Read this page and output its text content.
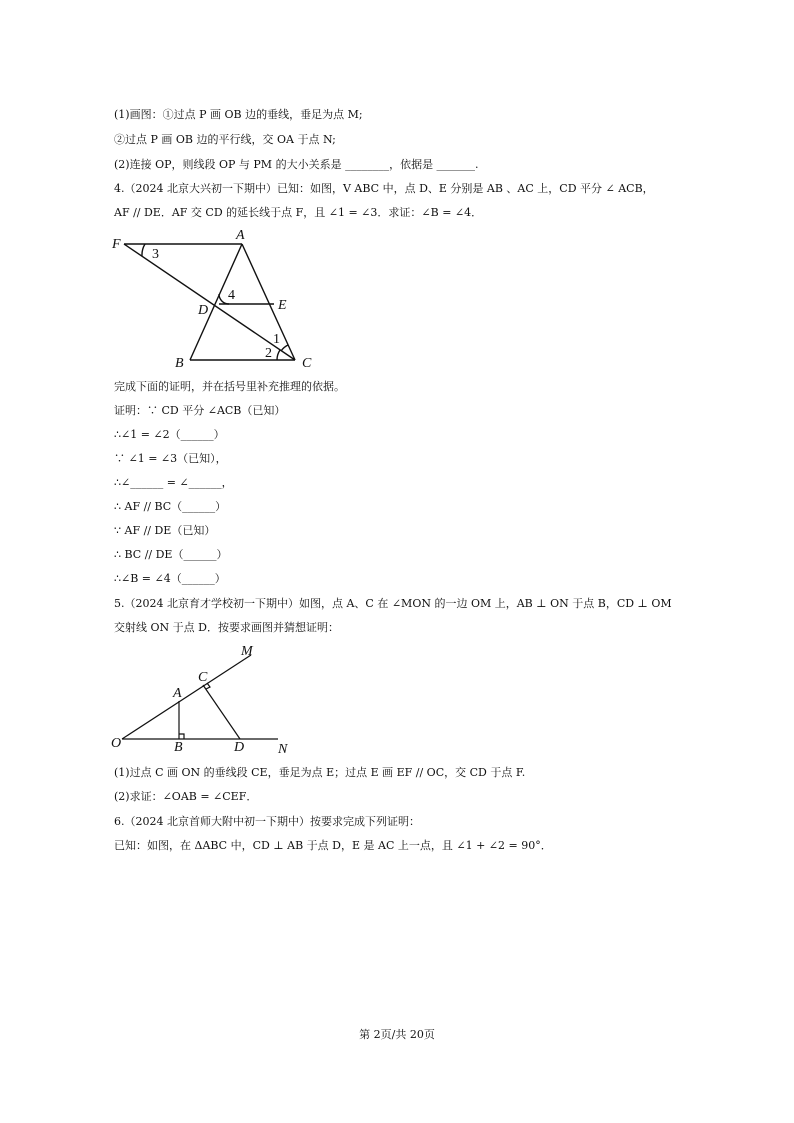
(1)画图：①过点 P 画 OB 边的垂线，垂足为点 M;
②过点 P 画 OB 边的平行线，交 OA 于点 N;
(2)连接 OP，则线段 OP 与 PM 的大小关系是 ________，依据是 _______.
4.（2024 北京大兴初一下期中）已知：如图，V ABC 中，点 D、E 分别是 AB 、AC 上，CD 平分 ∠ ACB，
AF // DE．AF 交 CD 的延长线于点 F，且 ∠1 = ∠3．求证：∠B = ∠4．
F
A
3
4
E
D
1
2
B	C
完成下面的证明，并在括号里补充推理的依据。
证明：∵ CD 平分 ∠ACB（已知）
∴∠1 = ∠2（______）
∵ ∠1 = ∠3（已知），
∴∠______ = ∠______，
∴ AF // BC（______）
∵ AF // DE（已知）
∴ BC // DE（______）
∴∠B = ∠4（______）
5.（2024 北京育才学校初一下期中）如图，点 A、C 在 ∠MON 的一边 OM 上，AB ⊥ ON 于点 B，CD ⊥ OM
交射线 ON 于点 D．按要求画图并猜想证明：
M
C
A
O	B	D N
(1)过点 C 画 ON 的垂线段 CE，垂足为点 E；过点 E 画 EF // OC，交 CD 于点 F.
(2)求证：∠OAB = ∠CEF．
6.（2024 北京首师大附中初一下期中）按要求完成下列证明：
已知：如图，在 ΔABC 中，CD ⊥ AB 于点 D，E 是 AC 上一点，且 ∠1 + ∠2 = 90°．
第 2页/共 20页
